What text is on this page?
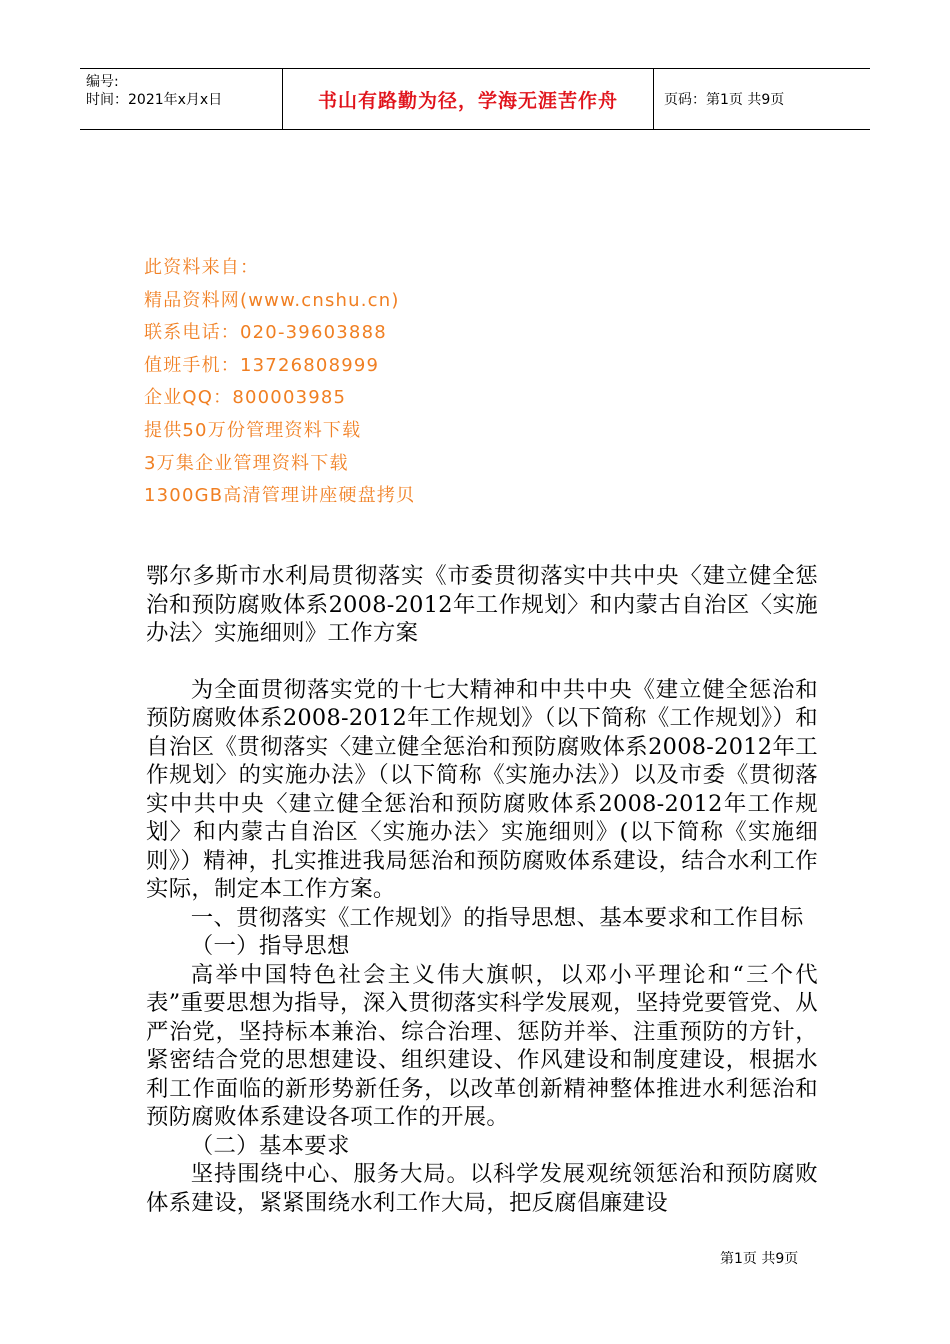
编号:
时间：2021年x月x日	书山有路勤为径，学海无涯苦作舟	页码：第1页 共9页
此资料来自：
精品资料网(www.cnshu.cn)
联系电话：020-39603888
值班手机：13726808999
企业QQ：800003985
提供50万份管理资料下载
3万集企业管理资料下载
1300GB高清管理讲座硬盘拷贝

鄂尔多斯市水利局贯彻落实《市委贯彻落实中共中央〈建立健全惩治和预防腐败体系2008-2012年工作规划〉和内蒙古自治区〈实施办法〉实施细则》工作方案

为全面贯彻落实党的十七大精神和中共中央《建立健全惩治和预防腐败体系2008-2012年工作规划》（以下简称《工作规划》）和自治区《贯彻落实〈建立健全惩治和预防腐败体系2008-2012年工作规划〉的实施办法》（以下简称《实施办法》）以及市委《贯彻落实中共中央〈建立健全惩治和预防腐败体系2008-2012年工作规划〉和内蒙古自治区〈实施办法〉实施细则》(以下简称《实施细则》）精神，扎实推进我局惩治和预防腐败体系建设，结合水利工作实际，制定本工作方案。

一、贯彻落实《工作规划》的指导思想、基本要求和工作目标

（一）指导思想

高举中国特色社会主义伟大旗帜，以邓小平理论和“三个代表”重要思想为指导，深入贯彻落实科学发展观，坚持党要管党、从严治党，坚持标本兼治、综合治理、惩防并举、注重预防的方针，紧密结合党的思想建设、组织建设、作风建设和制度建设，根据水利工作面临的新形势新任务，以改革创新精神整体推进水利惩治和预防腐败体系建设各项工作的开展。

（二）基本要求

坚持围绕中心、服务大局。以科学发展观统领惩治和预防腐败体系建设，紧紧围绕水利工作大局，把反腐倡廉建设

第1页 共9页
